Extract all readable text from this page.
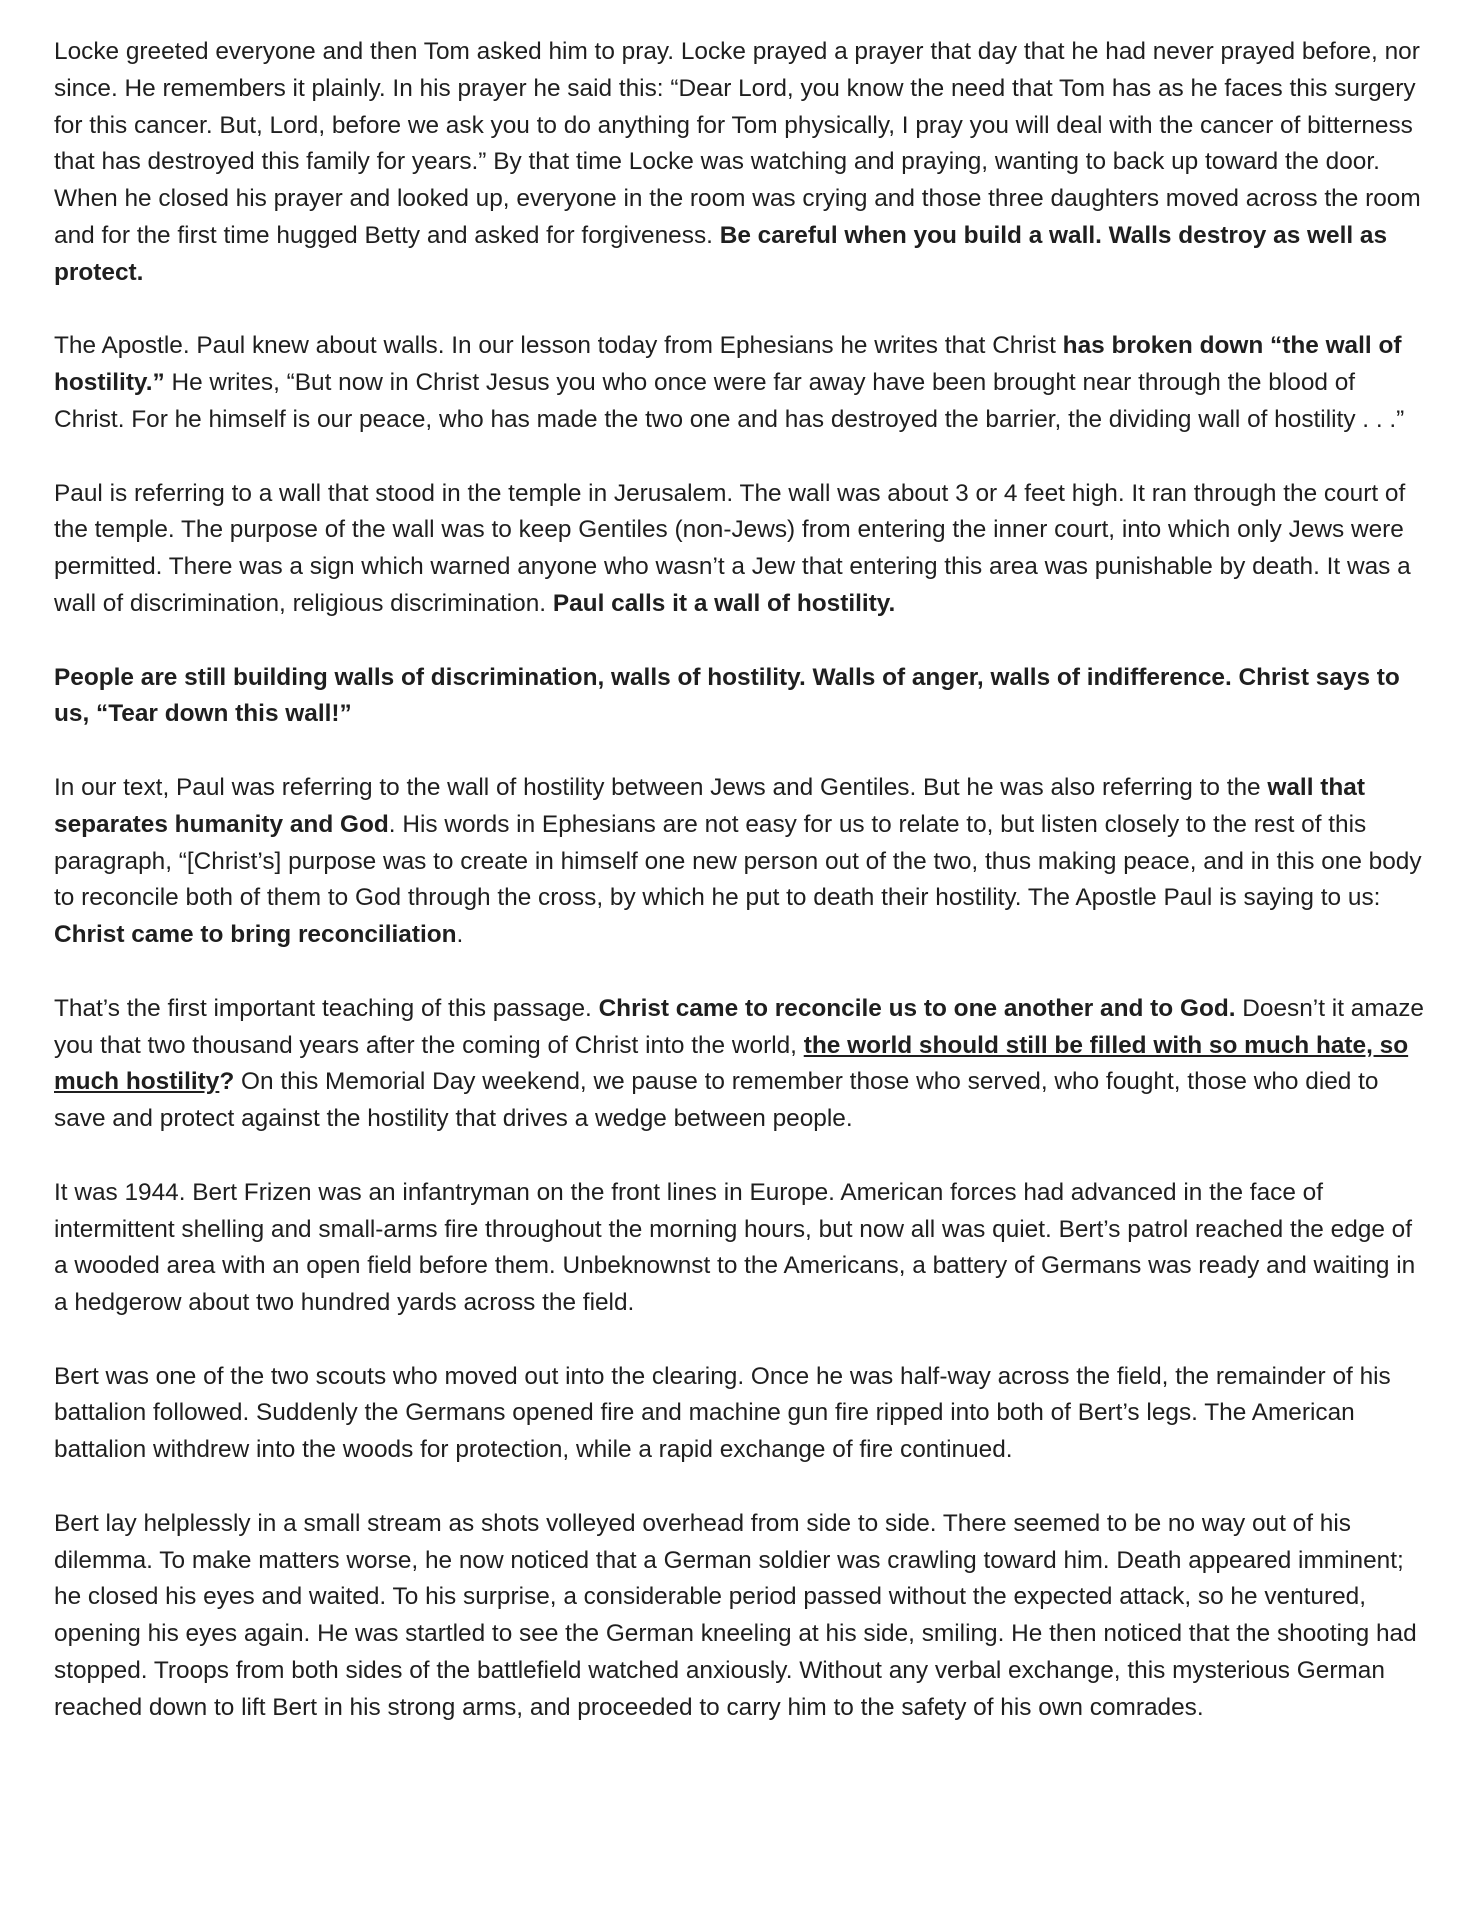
Locke greeted everyone and then Tom asked him to pray. Locke prayed a prayer that day that he had never prayed before, nor since. He remembers it plainly. In his prayer he said this: “Dear Lord, you know the need that Tom has as he faces this surgery for this cancer. But, Lord, before we ask you to do anything for Tom physically, I pray you will deal with the cancer of bitterness that has destroyed this family for years.” By that time Locke was watching and praying, wanting to back up toward the door. When he closed his prayer and looked up, everyone in the room was crying and those three daughters moved across the room and for the first time hugged Betty and asked for forgiveness. Be careful when you build a wall. Walls destroy as well as protect.

The Apostle. Paul knew about walls. In our lesson today from Ephesians he writes that Christ has broken down “the wall of hostility.” He writes, “But now in Christ Jesus you who once were far away have been brought near through the blood of Christ. For he himself is our peace, who has made the two one and has destroyed the barrier, the dividing wall of hostility . . .”

Paul is referring to a wall that stood in the temple in Jerusalem. The wall was about 3 or 4 feet high. It ran through the court of the temple. The purpose of the wall was to keep Gentiles (non-Jews) from entering the inner court, into which only Jews were permitted. There was a sign which warned anyone who wasn’t a Jew that entering this area was punishable by death. It was a wall of discrimination, religious discrimination. Paul calls it a wall of hostility.

People are still building walls of discrimination, walls of hostility. Walls of anger, walls of indifference. Christ says to us, “Tear down this wall!”

In our text, Paul was referring to the wall of hostility between Jews and Gentiles. But he was also referring to the wall that separates humanity and God. His words in Ephesians are not easy for us to relate to, but listen closely to the rest of this paragraph, “[Christ’s] purpose was to create in himself one new person out of the two, thus making peace, and in this one body to reconcile both of them to God through the cross, by which he put to death their hostility. The Apostle Paul is saying to us: Christ came to bring reconciliation.

That’s the first important teaching of this passage. Christ came to reconcile us to one another and to God. Doesn’t it amaze you that two thousand years after the coming of Christ into the world, the world should still be filled with so much hate, so much hostility? On this Memorial Day weekend, we pause to remember those who served, who fought, those who died to save and protect against the hostility that drives a wedge between people.

It was 1944. Bert Frizen was an infantryman on the front lines in Europe. American forces had advanced in the face of intermittent shelling and small-arms fire throughout the morning hours, but now all was quiet. Bert’s patrol reached the edge of a wooded area with an open field before them. Unbeknownst to the Americans, a battery of Germans was ready and waiting in a hedgerow about two hundred yards across the field.

Bert was one of the two scouts who moved out into the clearing. Once he was half-way across the field, the remainder of his battalion followed. Suddenly the Germans opened fire and machine gun fire ripped into both of Bert’s legs. The American battalion withdrew into the woods for protection, while a rapid exchange of fire continued.

Bert lay helplessly in a small stream as shots volleyed overhead from side to side. There seemed to be no way out of his dilemma. To make matters worse, he now noticed that a German soldier was crawling toward him. Death appeared imminent; he closed his eyes and waited. To his surprise, a considerable period passed without the expected attack, so he ventured, opening his eyes again. He was startled to see the German kneeling at his side, smiling. He then noticed that the shooting had stopped. Troops from both sides of the battlefield watched anxiously. Without any verbal exchange, this mysterious German reached down to lift Bert in his strong arms, and proceeded to carry him to the safety of his own comrades.
